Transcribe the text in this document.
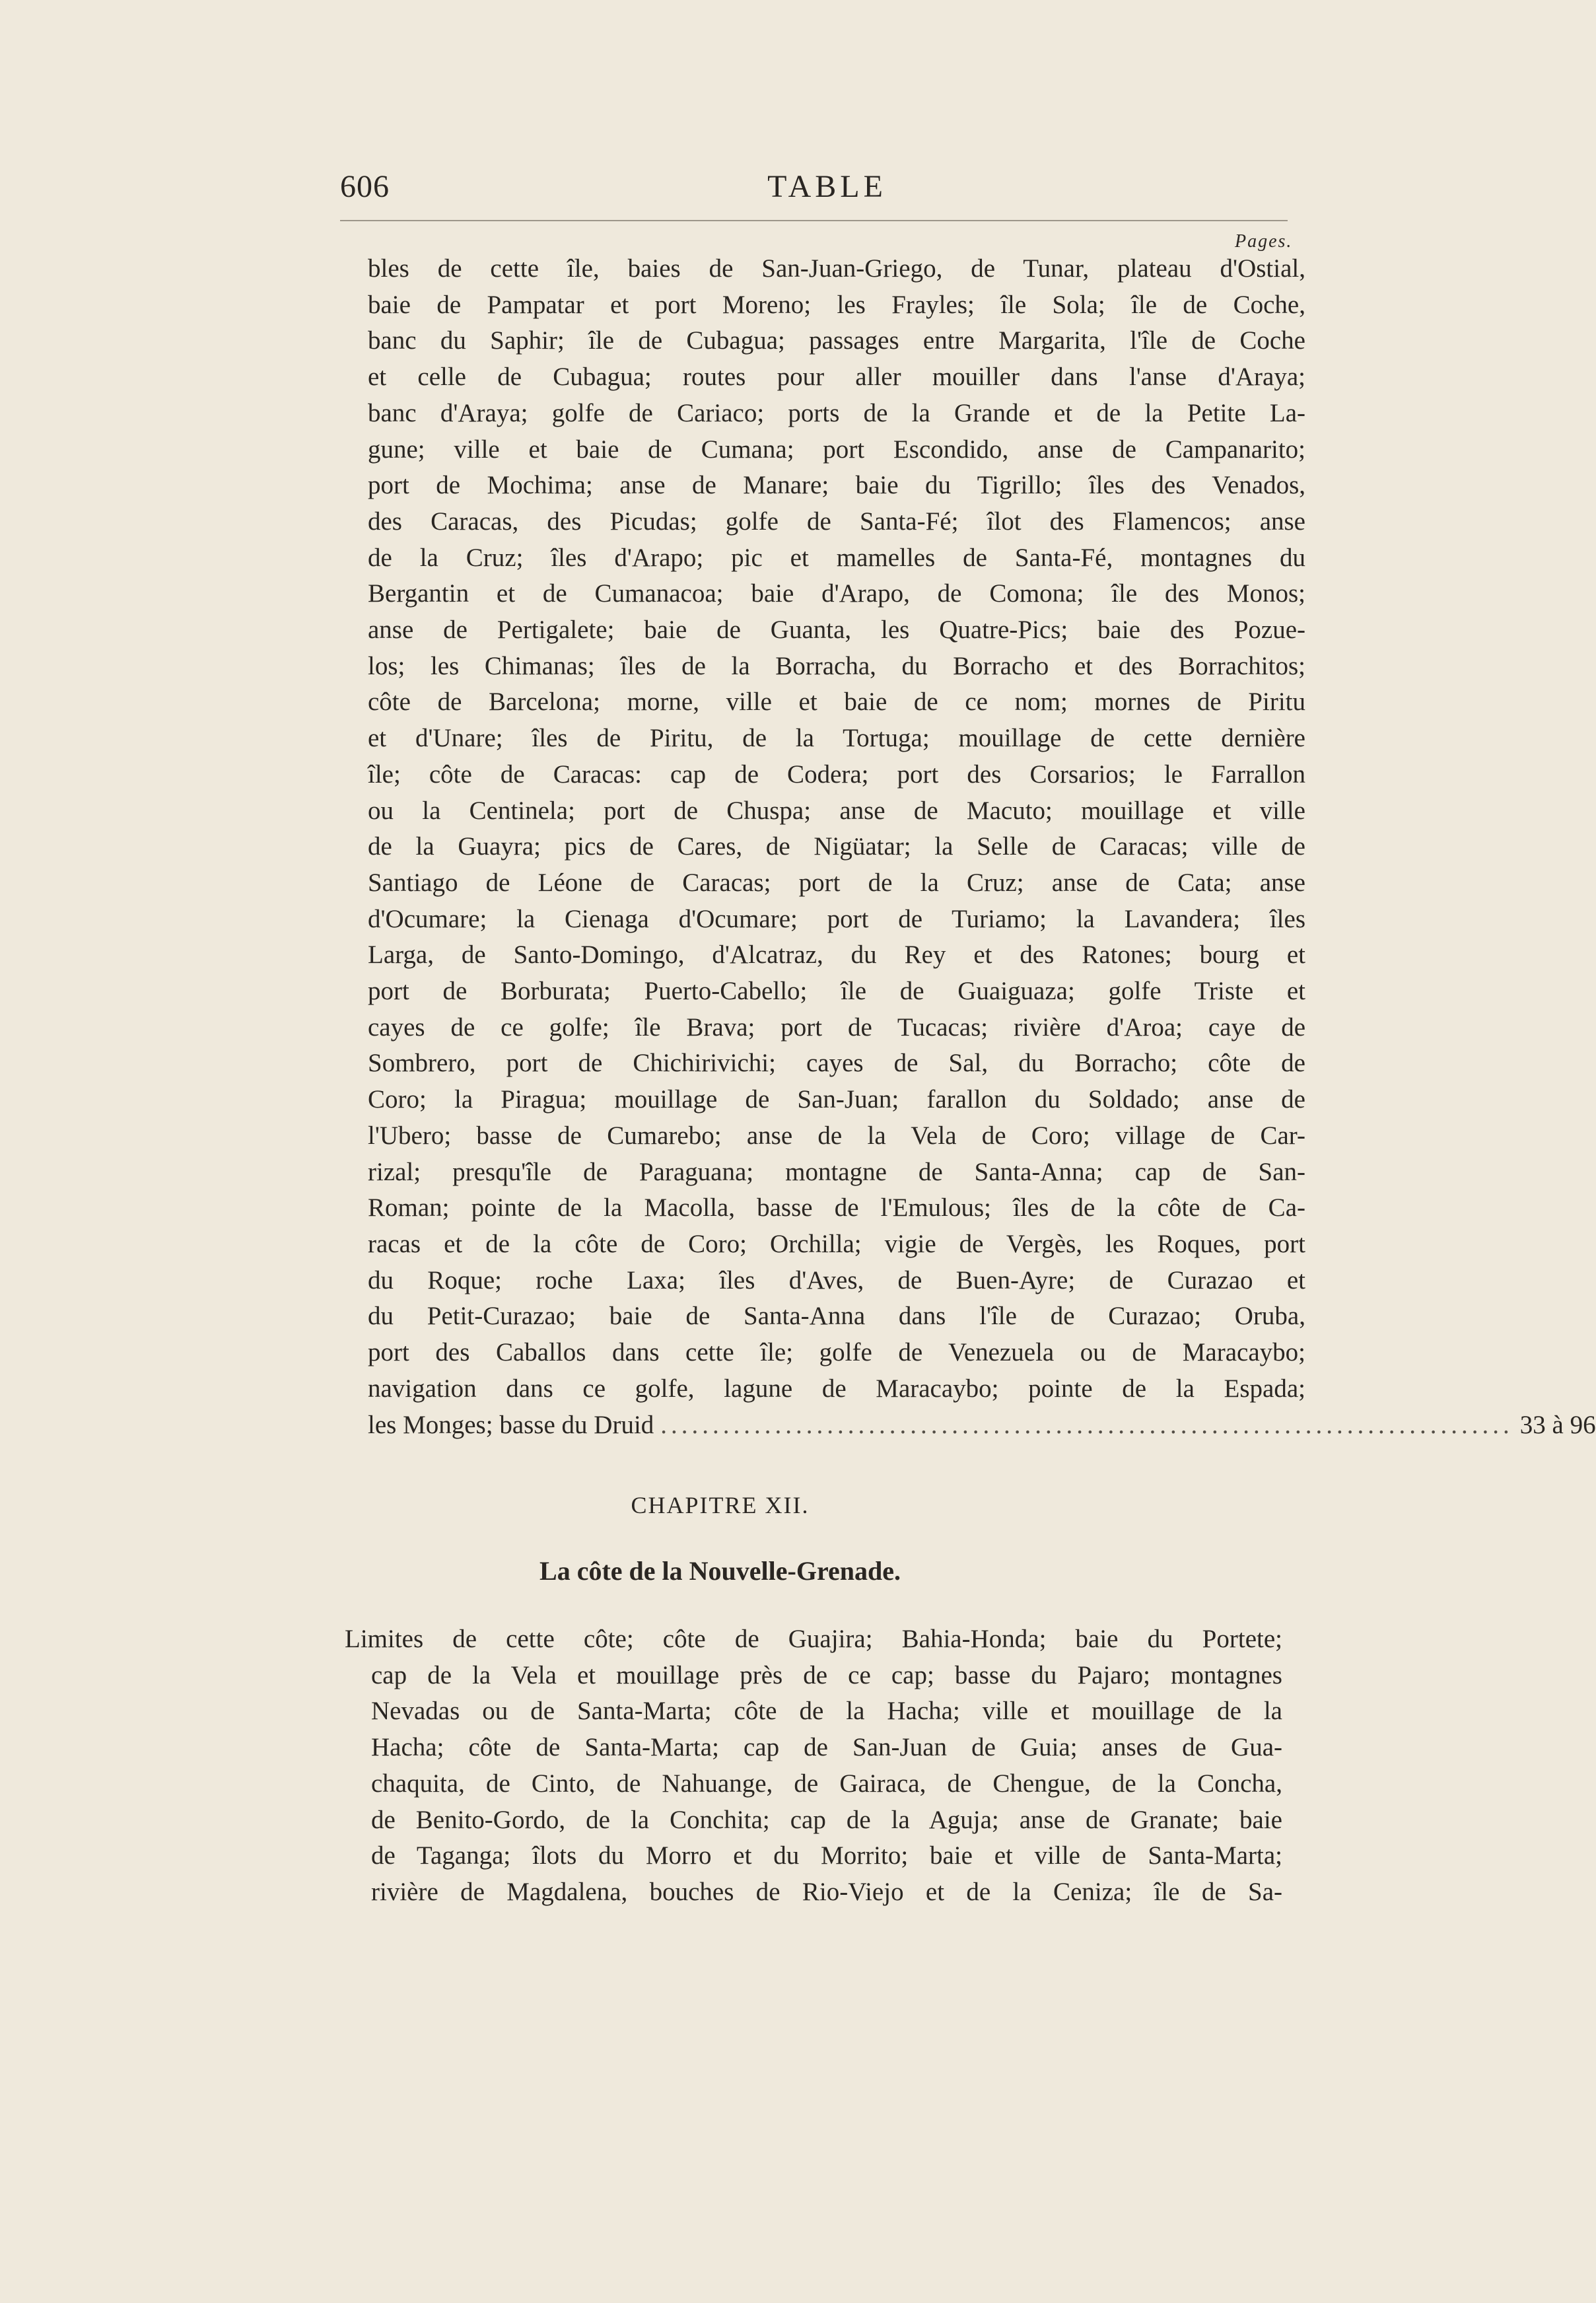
606	TABLE
Pages.
bles de cette île, baies de San-Juan-Griego, de Tunar, plateau d'Ostial,
baie de Pampatar et port Moreno; les Frayles; île Sola; île de Coche,
banc du Saphir; île de Cubagua; passages entre Margarita, l'île de Coche
et celle de Cubagua; routes pour aller mouiller dans l'anse d'Araya;
banc d'Araya; golfe de Cariaco; ports de la Grande et de la Petite La-
gune; ville et baie de Cumana; port Escondido, anse de Campanarito;
port de Mochima; anse de Manare; baie du Tigrillo; îles des Venados,
des Caracas, des Picudas; golfe de Santa-Fé; îlot des Flamencos; anse
de la Cruz; îles d'Arapo; pic et mamelles de Santa-Fé, montagnes du
Bergantin et de Cumanacoa; baie d'Arapo, de Comona; île des Monos;
anse de Pertigalete; baie de Guanta, les Quatre-Pics; baie des Pozue-
los; les Chimanas; îles de la Borracha, du Borracho et des Borrachitos;
côte de Barcelona; morne, ville et baie de ce nom; mornes de Piritu
et d'Unare; îles de Piritu, de la Tortuga; mouillage de cette dernière
île; côte de Caracas: cap de Codera; port des Corsarios; le Farrallon
ou la Centinela; port de Chuspa; anse de Macuto; mouillage et ville
de la Guayra; pics de Cares, de Nigüatar; la Selle de Caracas; ville de
Santiago de Léone de Caracas; port de la Cruz; anse de Cata; anse
d'Ocumare; la Cienaga d'Ocumare; port de Turiamo; la Lavandera; îles
Larga, de Santo-Domingo, d'Alcatraz, du Rey et des Ratones; bourg et
port de Borburata; Puerto-Cabello; île de Guaiguaza; golfe Triste et
cayes de ce golfe; île Brava; port de Tucacas; rivière d'Aroa; caye de
Sombrero, port de Chichirivichi; cayes de Sal, du Borracho; côte de
Coro; la Piragua; mouillage de San-Juan; farallon du Soldado; anse de
l'Ubero; basse de Cumarebo; anse de la Vela de Coro; village de Car-
rizal; presqu'île de Paraguana; montagne de Santa-Anna; cap de San-
Roman; pointe de la Macolla, basse de l'Emulous; îles de la côte de Ca-
racas et de la côte de Coro; Orchilla; vigie de Vergès, les Roques, port
du Roque; roche Laxa; îles d'Aves, de Buen-Ayre; de Curazao et
du Petit-Curazao; baie de Santa-Anna dans l'île de Curazao; Oruba,
port des Caballos dans cette île; golfe de Venezuela ou de Maracaybo;
navigation dans ce golfe, lagune de Maracaybo; pointe de la Espada;
les Monges; basse du Druid .................................................................................. 33 à 96
CHAPITRE XII.
La côte de la Nouvelle-Grenade.
Limites de cette côte; côte de Guajira; Bahia-Honda; baie du Portete;
cap de la Vela et mouillage près de ce cap; basse du Pajaro; montagnes
Nevadas ou de Santa-Marta; côte de la Hacha; ville et mouillage de la
Hacha; côte de Santa-Marta; cap de San-Juan de Guia; anses de Gua-
chaquita, de Cinto, de Nahuange, de Gairaca, de Chengue, de la Concha,
de Benito-Gordo, de la Conchita; cap de la Aguja; anse de Granate; baie
de Taganga; îlots du Morro et du Morrito; baie et ville de Santa-Marta;
rivière de Magdalena, bouches de Rio-Viejo et de la Ceniza; île de Sa-
